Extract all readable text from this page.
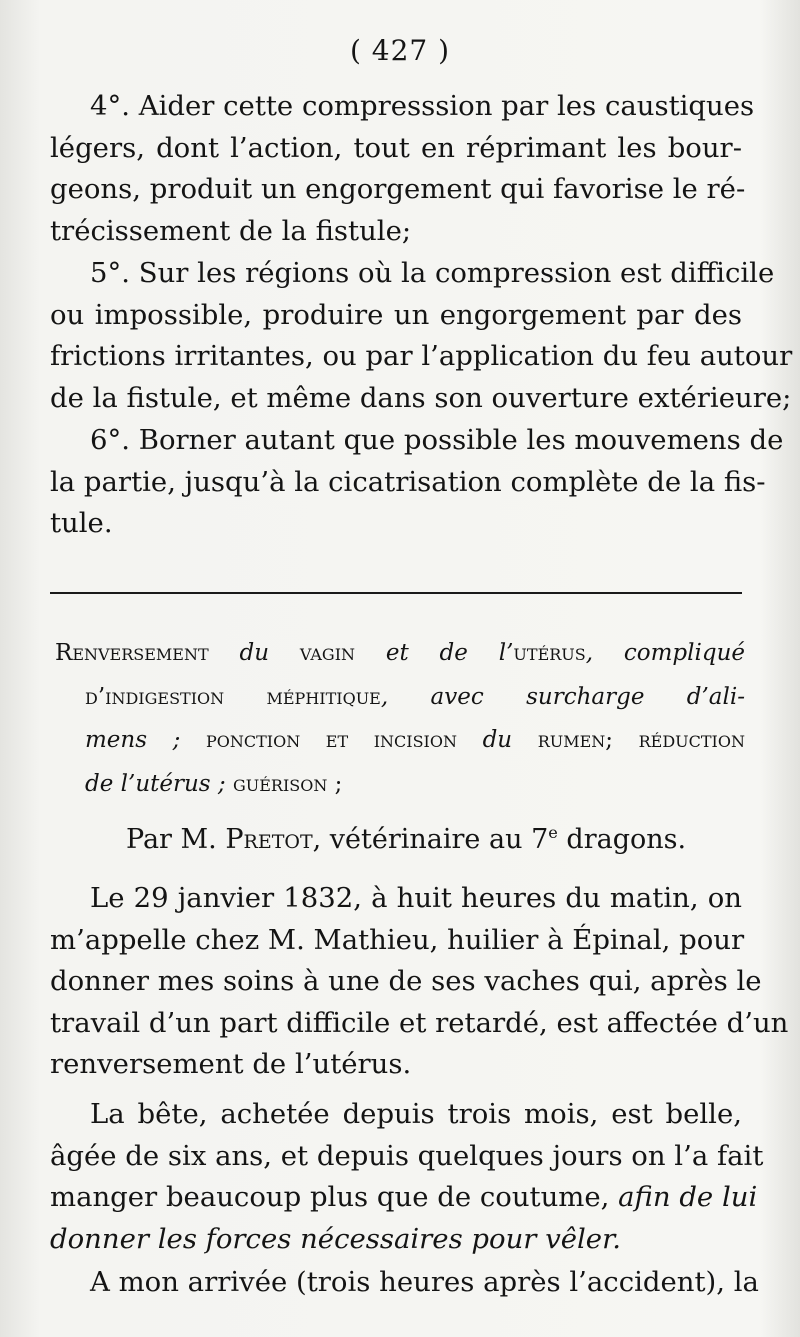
( 427 )
4°. Aider cette compresssion par les caustiques
légers, dont l’action, tout en réprimant les bour-
geons, produit un engorgement qui favorise le ré-
trécissement de la fistule;
5°. Sur les régions où la compression est difficile
ou impossible, produire un engorgement par des
frictions irritantes, ou par l’application du feu autour
de la fistule, et même dans son ouverture extérieure;
6°. Borner autant que possible les mouvemens de
la partie, jusqu’à la cicatrisation complète de la fis-
tule.
Renversement du vagin et de l’utérus, compliqué
d’indigestion méphitique, avec surcharge d’ali-
mens ; ponction et incision du rumen; réduction
de l’utérus ; guérison ;
Par M. Pretot, vétérinaire au 7e dragons.
Le 29 janvier 1832, à huit heures du matin, on
m’appelle chez M. Mathieu, huilier à Épinal, pour
donner mes soins à une de ses vaches qui, après le
travail d’un part difficile et retardé, est affectée d’un
renversement de l’utérus.
La bête, achetée depuis trois mois, est belle,
âgée de six ans, et depuis quelques jours on l’a fait
manger beaucoup plus que de coutume, afin de lui
donner les forces nécessaires pour vêler.
A mon arrivée (trois heures après l’accident), la
